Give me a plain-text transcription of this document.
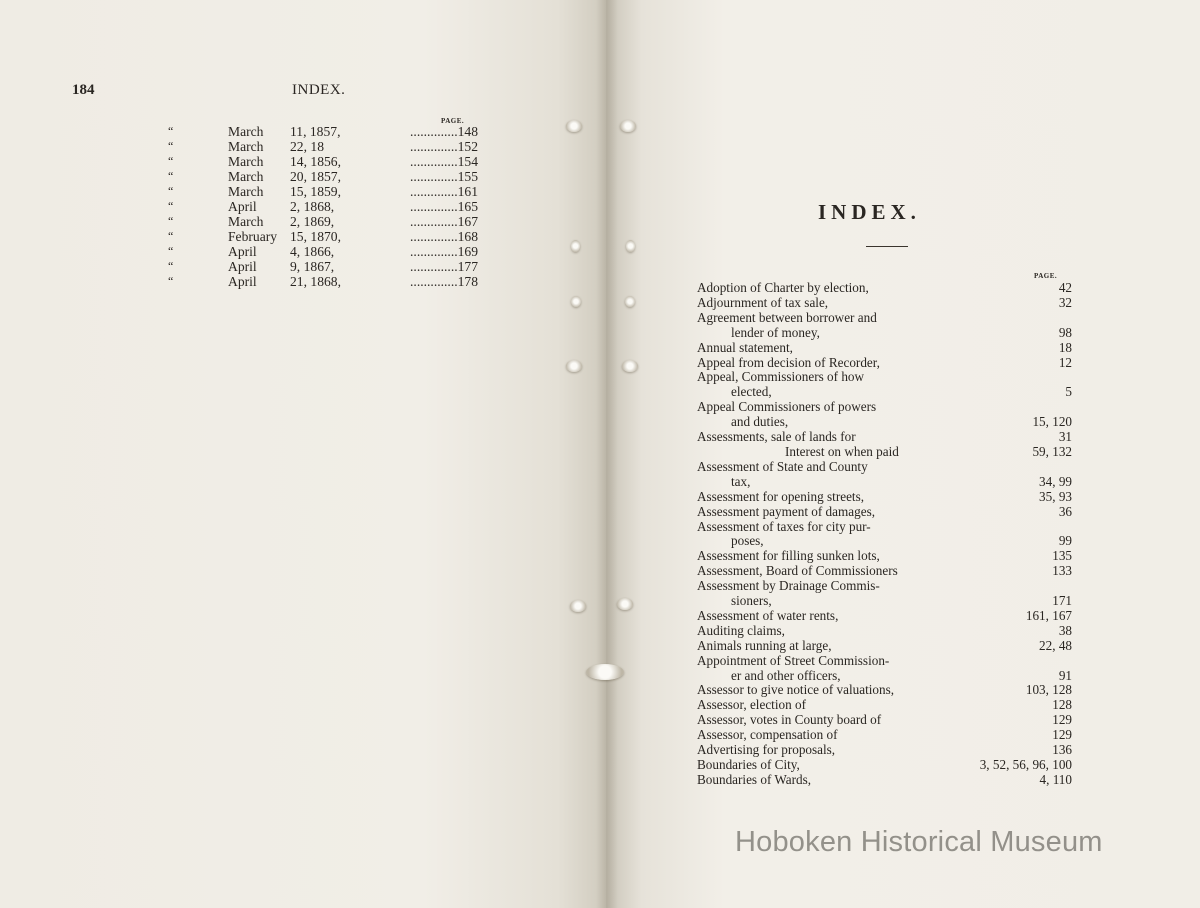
184	INDEX.
PAGE.
“	March	11, 1857,	.............. 148
“	March	22, 18	.............. 152
“	March	14, 1856,	.............. 154
“	March	20, 1857,	.............. 155
“	March	15, 1859,	.............. 161
“	April	2, 1868,	.............. 165
“	March	2, 1869,	.............. 167
“	February 15, 1870,	.............. 168
“	April	4, 1866,	.............. 169
“	April	9, 1867,	.............. 177
“	April	21, 1868,	.............. 178
INDEX.
PAGE.
Adoption of Charter by election,	42
Adjournment of tax sale,	32
Agreement between borrower and
lender of money,	98
Annual statement,	18
Appeal from decision of Recorder,	12
Appeal, Commissioners of how
elected,	5
Appeal Commissioners of powers
and duties,	15, 120
Assessments, sale of lands for	31
Interest on when paid	59, 132
Assessment of State and County
tax,	34, 99
Assessment for opening streets,	35, 93
Assessment payment of damages,	36
Assessment of taxes for city pur-
poses,	99
Assessment for filling sunken lots,	135
Assessment, Board of Commissioners	133
Assessment by Drainage Commis-
sioners,	171
Assessment of water rents,	161, 167
Auditing claims,	38
Animals running at large,	22, 48
Appointment of Street Commission-
er and other officers,	91
Assessor to give notice of valuations,	103, 128
Assessor, election of	128
Assessor, votes in County board of	129
Assessor, compensation of	129
Advertising for proposals,	136
Boundaries of City,	3, 52, 56, 96, 100
Boundaries of Wards,	4, 110
Hoboken Historical Museum
